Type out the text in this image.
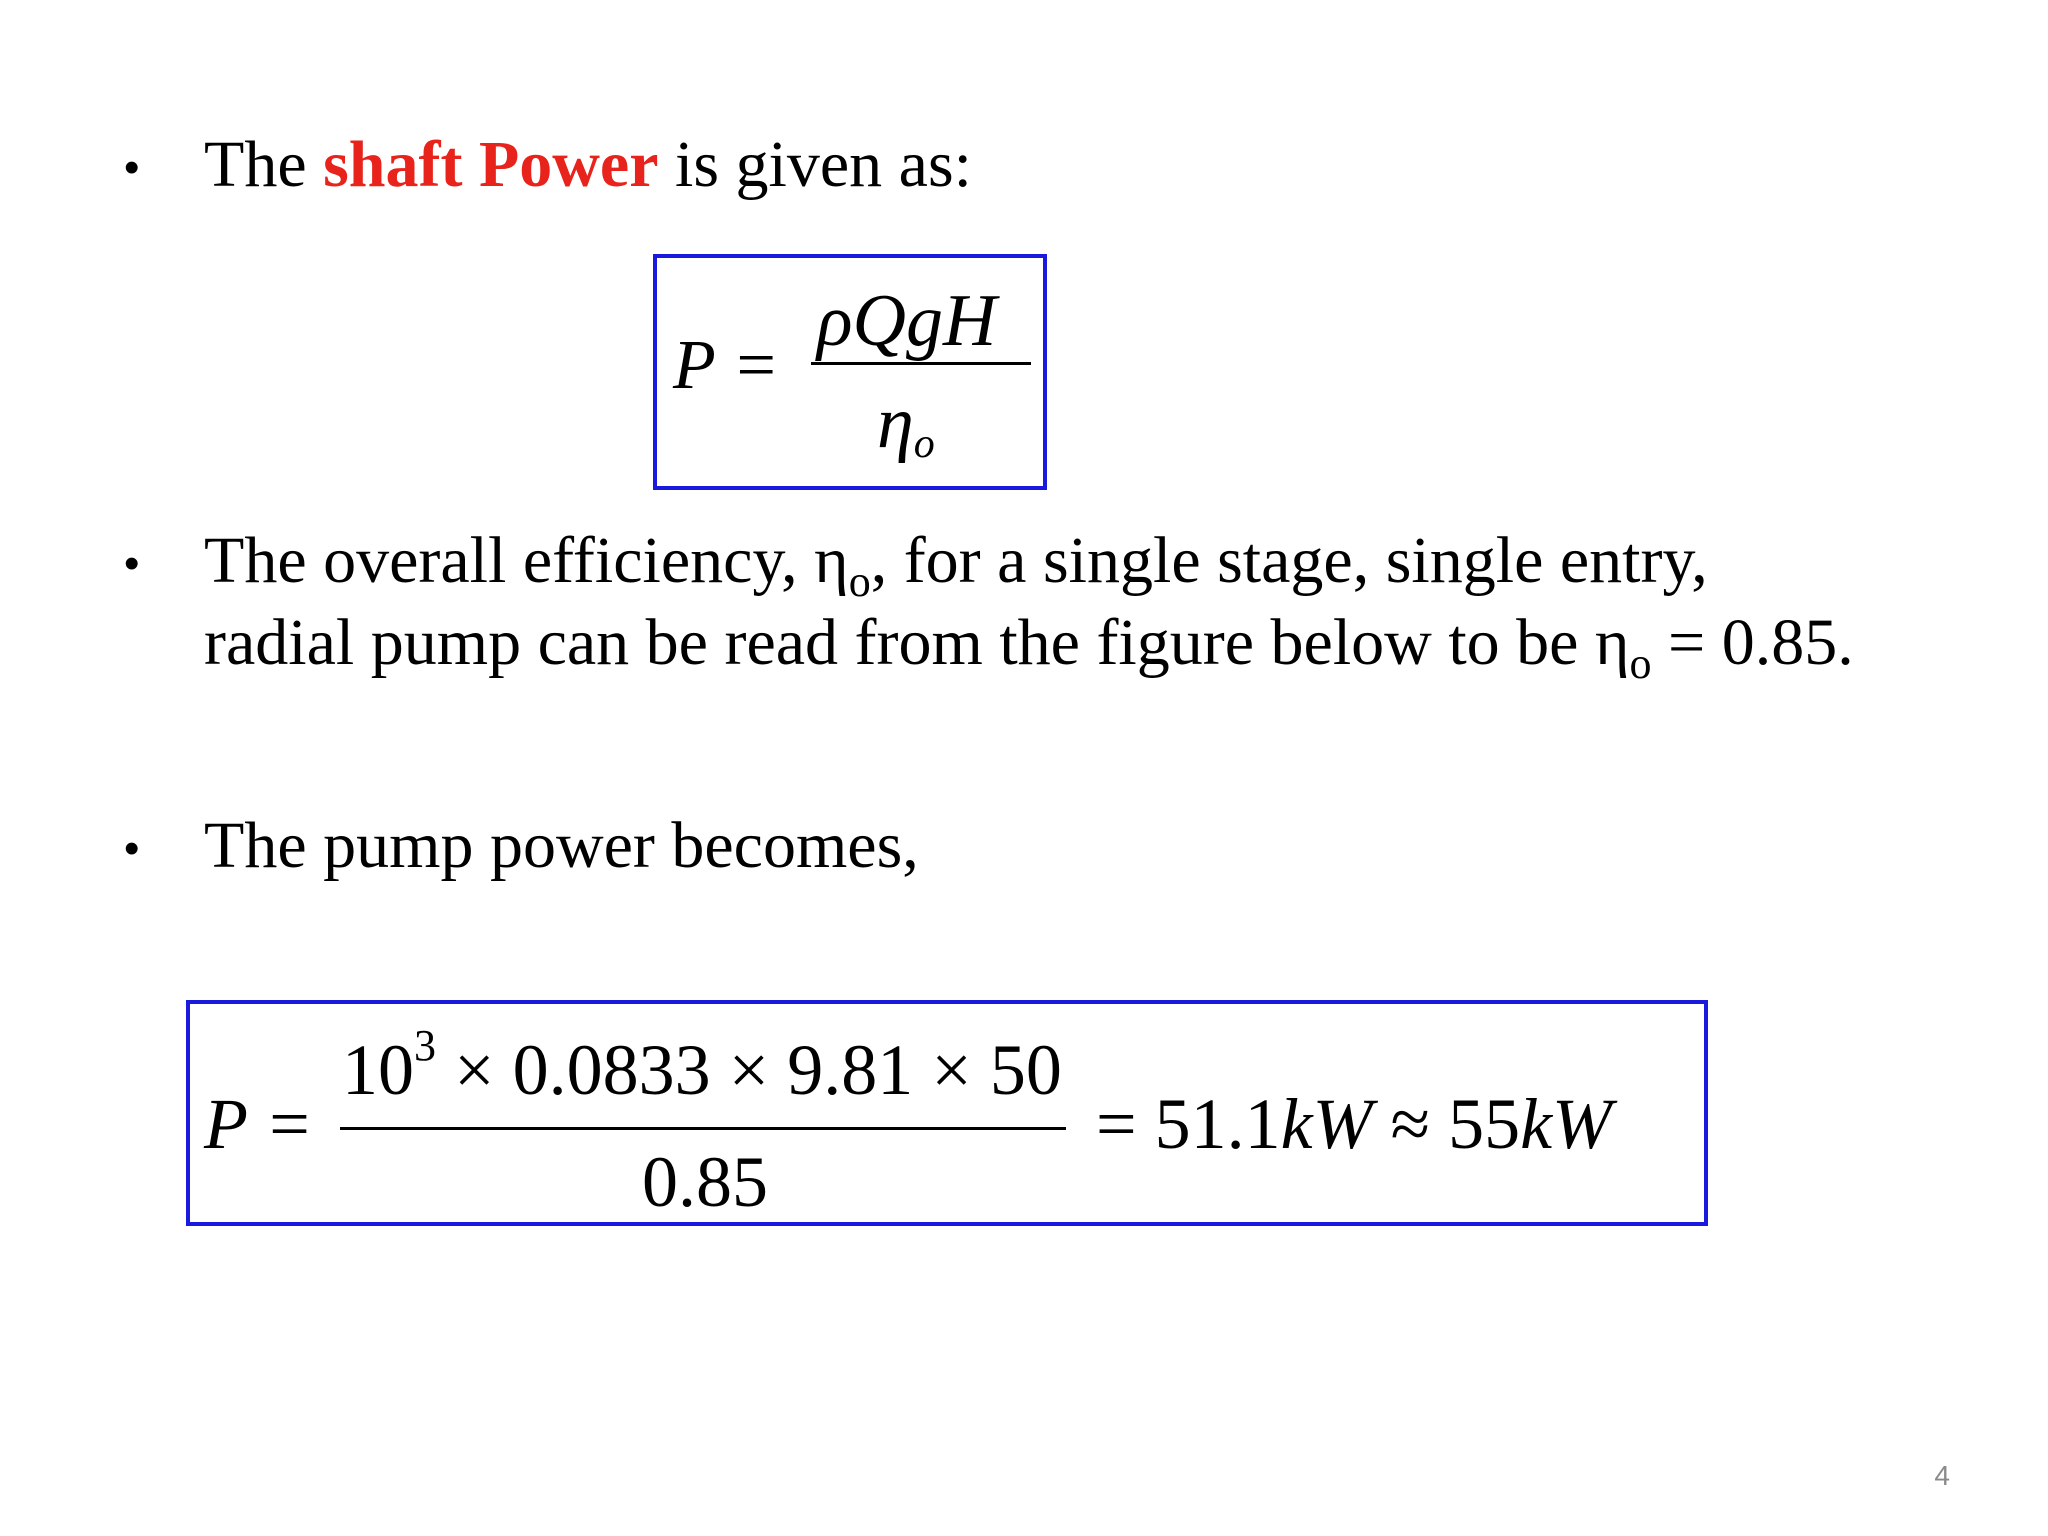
• The shaft Power is given as:
P =
ρQgH
ηo
• The overall efficiency, $\eta_o$, for a single stage, single entry,
radial pump can be read from the figure below to be $\eta_o = 0.85$.
• The pump power becomes,
P =
$10^3 \times 0.0833 \times 9.81 \times 50$
0.85
= 51.1kW ≈ 55kW
4
